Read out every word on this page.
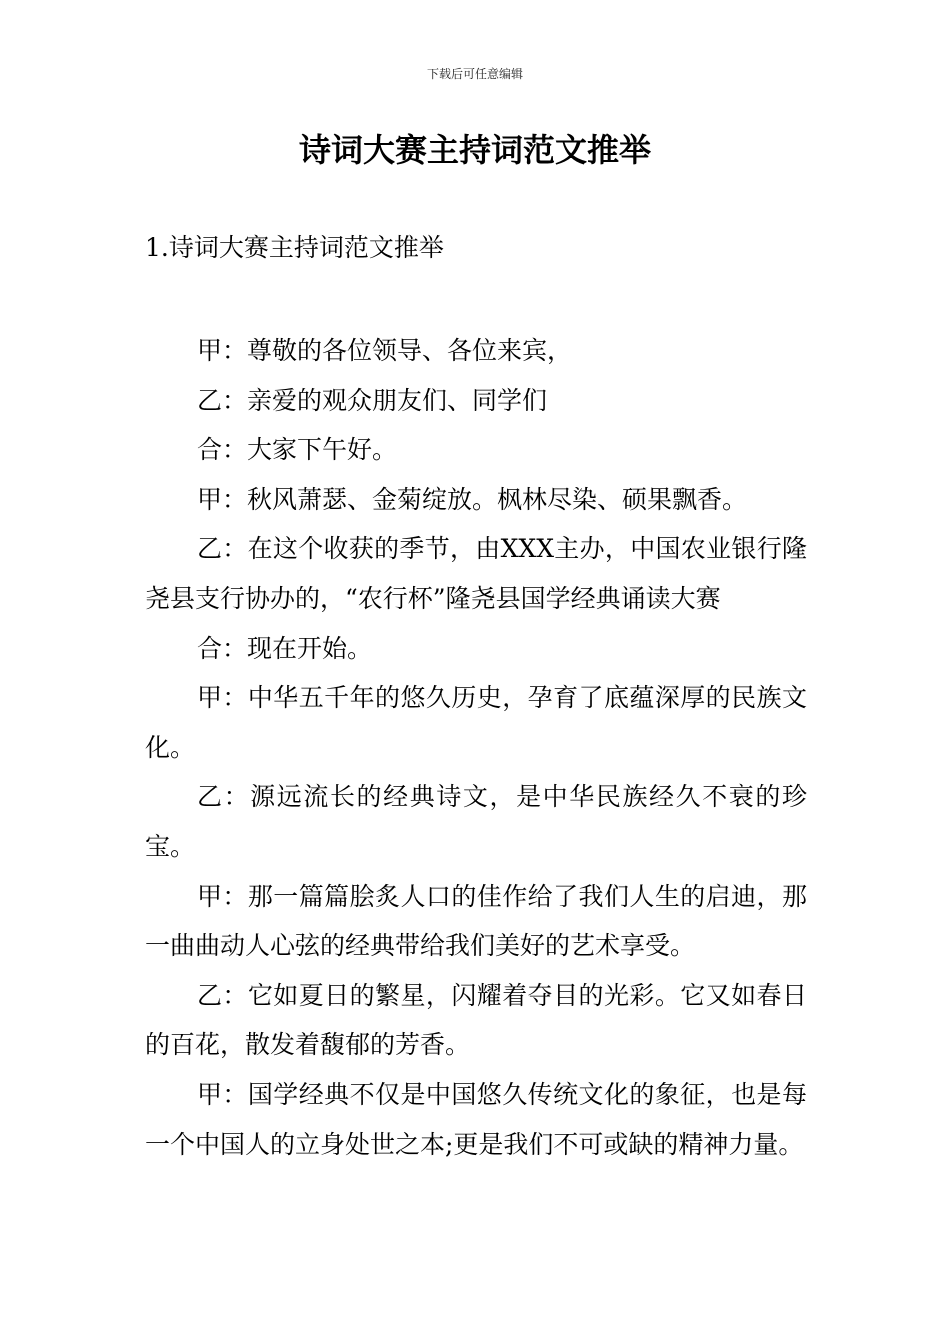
下载后可任意编辑
诗词大赛主持词范文推举
1.诗词大赛主持词范文推举

甲：尊敬的各位领导、各位来宾，

乙：亲爱的观众朋友们、同学们

合：大家下午好。

甲：秋风萧瑟、金菊绽放。枫林尽染、硕果飘香。

乙：在这个收获的季节，由XXX主办，中国农业银行隆尧县支行协办的，“农行杯”隆尧县国学经典诵读大赛

合：现在开始。

甲：中华五千年的悠久历史，孕育了底蕴深厚的民族文化。

乙：源远流长的经典诗文，是中华民族经久不衰的珍宝。

甲：那一篇篇脍炙人口的佳作给了我们人生的启迪，那一曲曲动人心弦的经典带给我们美好的艺术享受。

乙：它如夏日的繁星，闪耀着夺目的光彩。它又如春日的百花，散发着馥郁的芳香。

甲：国学经典不仅是中国悠久传统文化的象征，也是每一个中国人的立身处世之本;更是我们不可或缺的精神力量。
